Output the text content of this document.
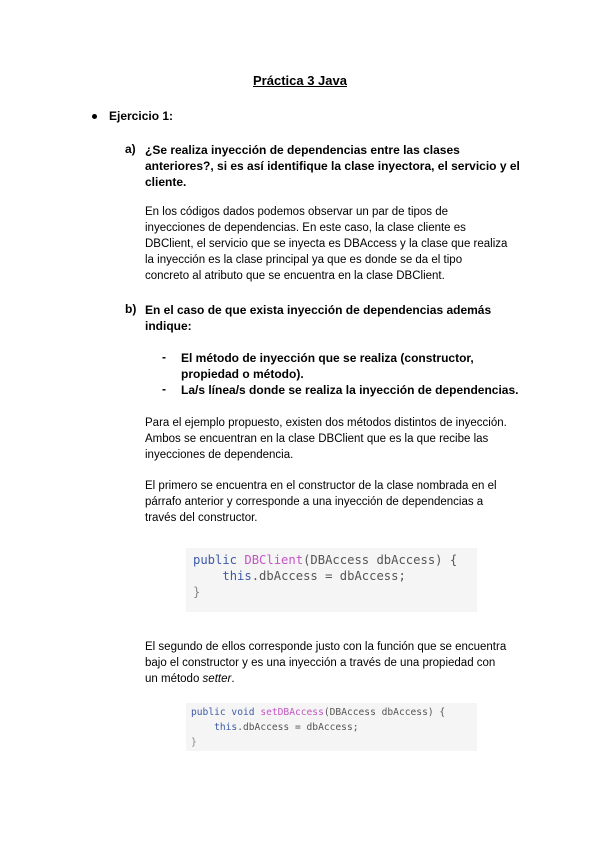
Práctica 3 Java
Ejercicio 1:
a) ¿Se realiza inyección de dependencias entre las clases
anteriores?, si es así identifique la clase inyectora, el servicio y el
cliente.
En los códigos dados podemos observar un par de tipos de
inyecciones de dependencias. En este caso, la clase cliente es
DBClient, el servicio que se inyecta es DBAccess y la clase que realiza
la inyección es la clase principal ya que es donde se da el tipo
concreto al atributo que se encuentra en la clase DBClient.
b) En el caso de que exista inyección de dependencias además
indique:
- El método de inyección que se realiza (constructor,
propiedad o método).
- La/s línea/s donde se realiza la inyección de dependencias.
Para el ejemplo propuesto, existen dos métodos distintos de inyección.
Ambos se encuentran en la clase DBClient que es la que recibe las
inyecciones de dependencia.
El primero se encuentra en el constructor de la clase nombrada en el
párrafo anterior y corresponde a una inyección de dependencias a
través del constructor.

public DBClient(DBAccess dbAccess) {
this.dbAccess = dbAccess;
}

El segundo de ellos corresponde justo con la función que se encuentra
bajo el constructor y es una inyección a través de una propiedad con
un método setter.

public void setDBAccess(DBAccess dbAccess) {
this.dbAccess = dbAccess;
}
